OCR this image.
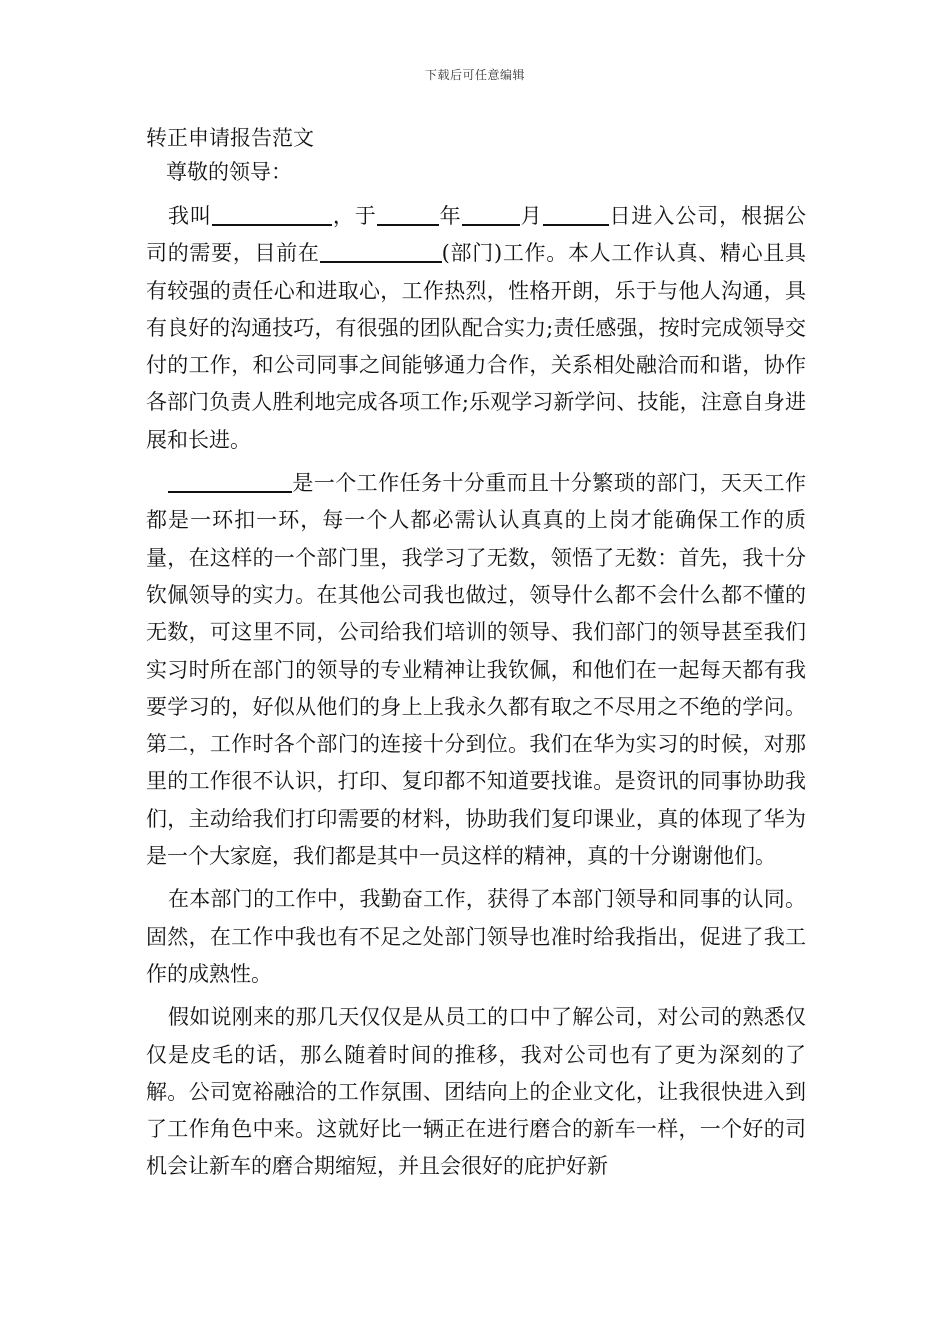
下载后可任意编辑
转正申请报告范文
尊敬的领导：

我叫	，于	年	月	日进入公司，根据公司的需要，目前在	(部门)工作。本人工作认真、精心且具有较强的责任心和进取心，工作热烈，性格开朗，乐于与他人沟通，具有良好的沟通技巧，有很强的团队配合实力;责任感强，按时完成领导交付的工作，和公司同事之间能够通力合作，关系相处融洽而和谐，协作各部门负责人胜利地完成各项工作;乐观学习新学问、技能，注意自身进展和长进。

是一个工作任务十分重而且十分繁琐的部门，天天工作都是一环扣一环，每一个人都必需认认真真的上岗才能确保工作的质量，在这样的一个部门里，我学习了无数，领悟了无数：首先，我十分钦佩领导的实力。在其他公司我也做过，领导什么都不会什么都不懂的无数，可这里不同，公司给我们培训的领导、我们部门的领导甚至我们实习时所在部门的领导的专业精神让我钦佩，和他们在一起每天都有我要学习的，好似从他们的身上上我永久都有取之不尽用之不绝的学问。第二，工作时各个部门的连接十分到位。我们在华为实习的时候，对那里的工作很不认识，打印、复印都不知道要找谁。是资讯的同事协助我们，主动给我们打印需要的材料，协助我们复印课业，真的体现了华为是一个大家庭，我们都是其中一员这样的精神，真的十分谢谢他们。

在本部门的工作中，我勤奋工作，获得了本部门领导和同事的认同。固然，在工作中我也有不足之处部门领导也准时给我指出，促进了我工作的成熟性。

假如说刚来的那几天仅仅是从员工的口中了解公司，对公司的熟悉仅仅是皮毛的话，那么随着时间的推移，我对公司也有了更为深刻的了解。公司宽裕融洽的工作氛围、团结向上的企业文化，让我很快进入到了工作角色中来。这就好比一辆正在进行磨合的新车一样，一个好的司机会让新车的磨合期缩短，并且会很好的庇护好新
